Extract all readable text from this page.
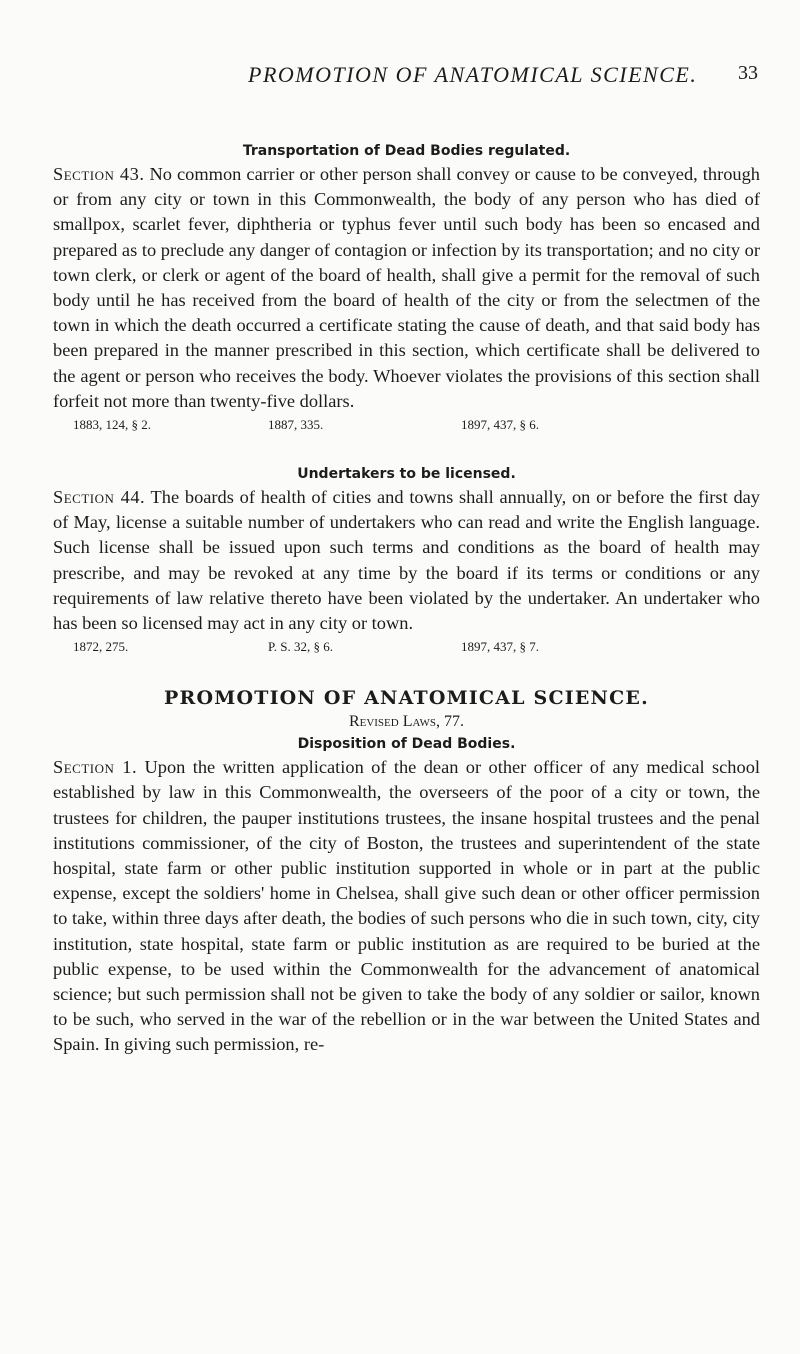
PROMOTION OF ANATOMICAL SCIENCE. 33
Transportation of Dead Bodies regulated.

Section 43. No common carrier or other person shall convey or cause to be conveyed, through or from any city or town in this Commonwealth, the body of any person who has died of smallpox, scarlet fever, diphtheria or typhus fever until such body has been so encased and prepared as to preclude any danger of contagion or infection by its transportation; and no city or town clerk, or clerk or agent of the board of health, shall give a permit for the removal of such body until he has received from the board of health of the city or from the selectmen of the town in which the death occurred a certificate stating the cause of death, and that said body has been prepared in the manner prescribed in this section, which certificate shall be delivered to the agent or person who receives the body. Whoever violates the provisions of this section shall forfeit not more than twenty-five dollars.

1883, 124, § 2.	1887, 335.	1897, 437, § 6.
Undertakers to be licensed.

Section 44. The boards of health of cities and towns shall annually, on or before the first day of May, license a suitable number of undertakers who can read and write the English language. Such license shall be issued upon such terms and conditions as the board of health may prescribe, and may be revoked at any time by the board if its terms or conditions or any requirements of law relative thereto have been violated by the undertaker. An undertaker who has been so licensed may act in any city or town.

1872, 275.	P. S. 32, § 6.	1897, 437, § 7.
PROMOTION OF ANATOMICAL SCIENCE.
Revised Laws, 77.
Disposition of Dead Bodies.

Section 1. Upon the written application of the dean or other officer of any medical school established by law in this Commonwealth, the overseers of the poor of a city or town, the trustees for children, the pauper institutions trustees, the insane hospital trustees and the penal institutions commissioner, of the city of Boston, the trustees and superintendent of the state hospital, state farm or other public institution supported in whole or in part at the public expense, except the soldiers' home in Chelsea, shall give such dean or other officer permission to take, within three days after death, the bodies of such persons who die in such town, city, city institution, state hospital, state farm or public institution as are required to be buried at the public expense, to be used within the Commonwealth for the advancement of anatomical science; but such permission shall not be given to take the body of any soldier or sailor, known to be such, who served in the war of the rebellion or in the war between the United States and Spain. In giving such permission, re-
